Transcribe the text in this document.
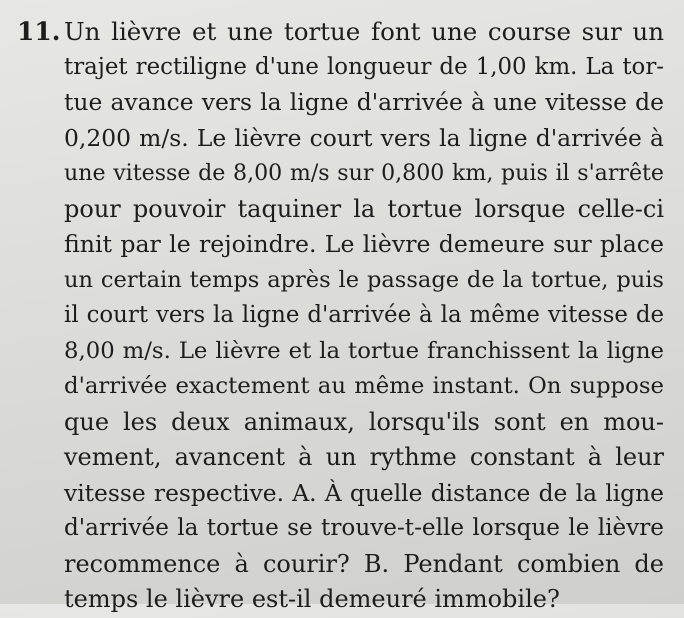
11. Un lièvre et une tortue font une course sur un
trajet rectiligne d'une longueur de 1,00 km. La tor-
tue avance vers la ligne d'arrivée à une vitesse de
0,200 m/s. Le lièvre court vers la ligne d'arrivée à
une vitesse de 8,00 m/s sur 0,800 km, puis il s'arrête
pour pouvoir taquiner la tortue lorsque celle-ci
finit par le rejoindre. Le lièvre demeure sur place
un certain temps après le passage de la tortue, puis
il court vers la ligne d'arrivée à la même vitesse de
8,00 m/s. Le lièvre et la tortue franchissent la ligne
d'arrivée exactement au même instant. On suppose
que les deux animaux, lorsqu'ils sont en mou-
vement, avancent à un rythme constant à leur
vitesse respective. A. À quelle distance de la ligne
d'arrivée la tortue se trouve-t-elle lorsque le lièvre
recommence à courir? B. Pendant combien de
temps le lièvre est-il demeuré immobile?
